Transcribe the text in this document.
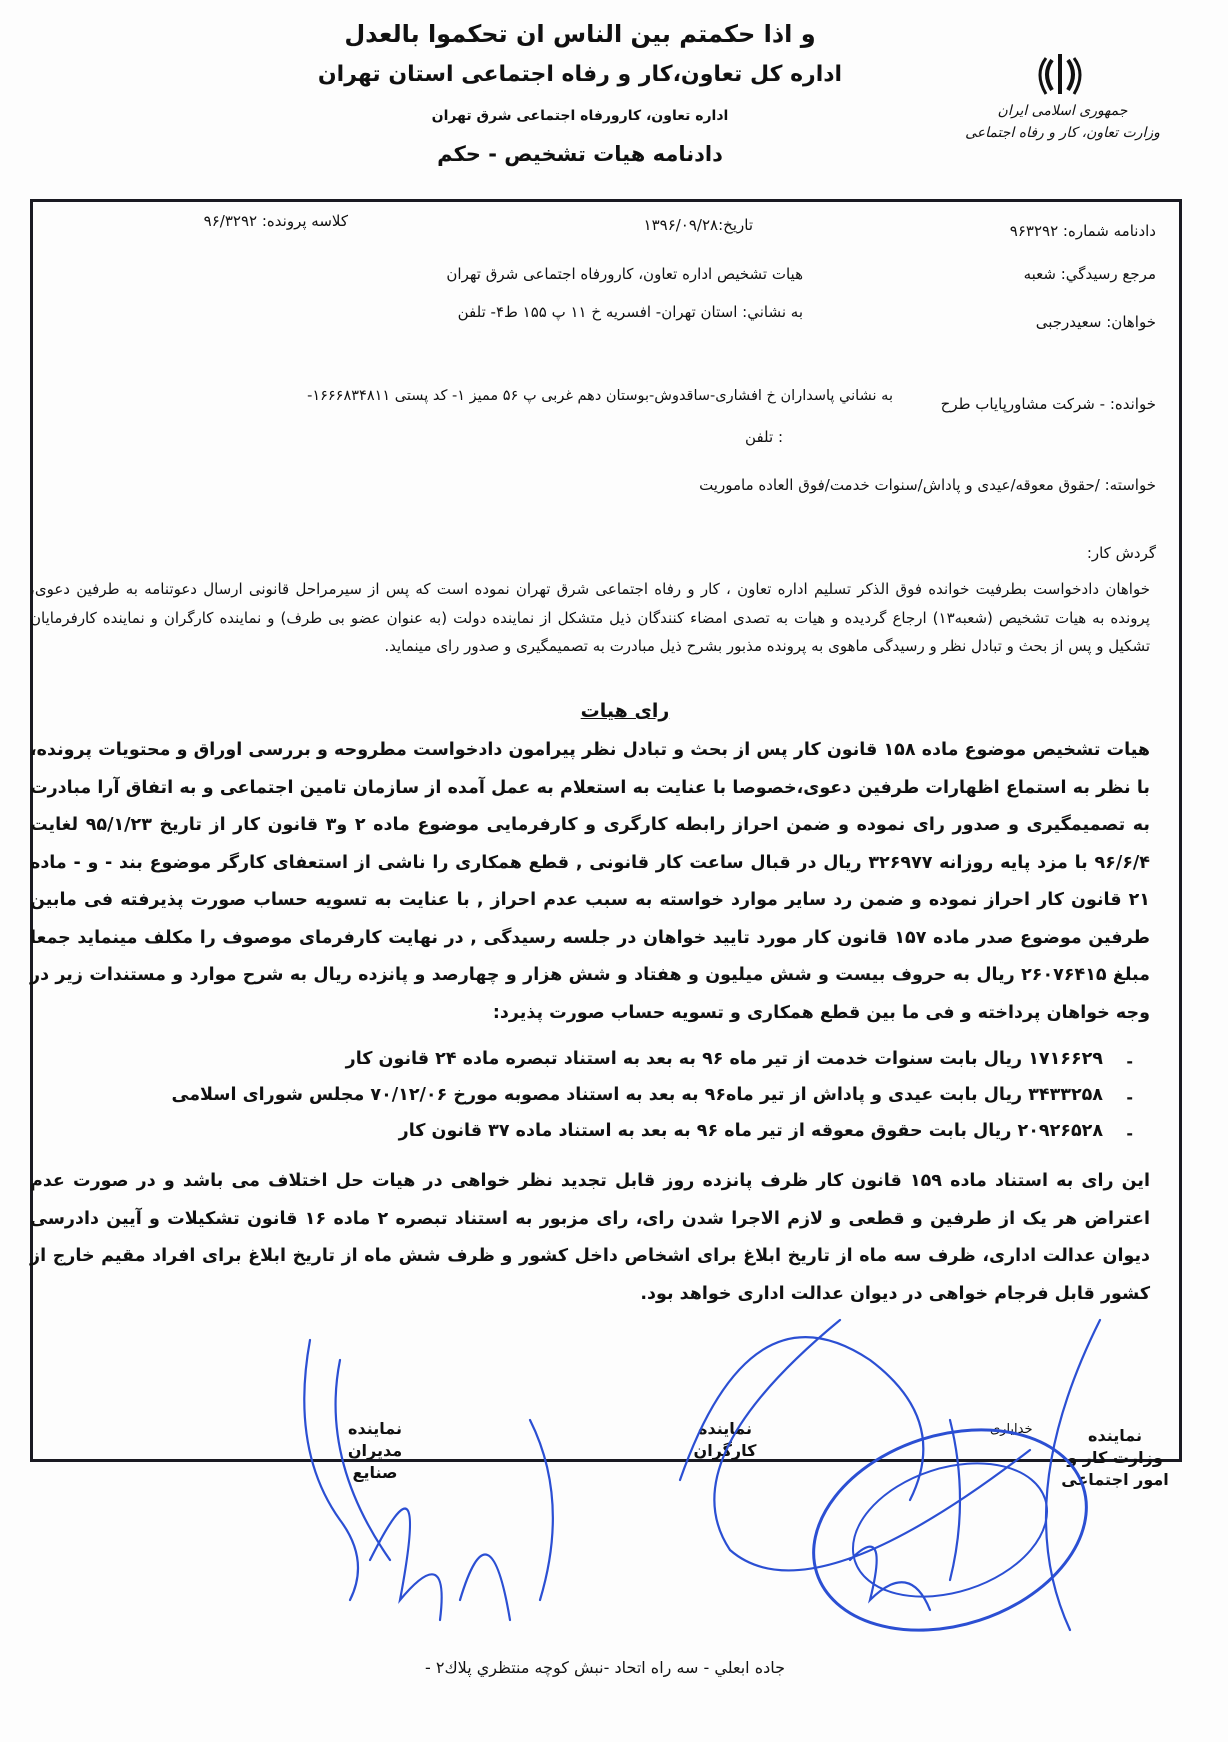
و اذا حکمتم بین الناس ان تحکموا بالعدل
اداره کل تعاون،کار و رفاه اجتماعی استان تهران
اداره تعاون، کارورفاه اجتماعی شرق تهران
دادنامه هیات تشخیص - حکم
جمهوری اسلامی ایران
وزارت تعاون، کار و رفاه اجتماعی
دادنامه شماره: ۹۶۳۲۹۲
تاریخ:۱۳۹۶/۰۹/۲۸
کلاسه پرونده: ۹۶/۳۲۹۲
مرجع رسیدگي: شعبه
هیات تشخیص اداره تعاون، کارورفاه اجتماعی شرق تهران
خواهان: سعیدرجبی
به نشاني: استان تهران- افسریه خ ۱۱ پ ۱۵۵ ط۴- تلفن
خوانده: - شرکت مشاورپایاب طرح
به نشاني پاسداران خ افشاری-ساقدوش-بوستان دهم غربی پ ۵۶ ممیز ۱- کد پستی ۱۶۶۶۸۳۴۸۱۱-
: تلفن
خواسته: /حقوق معوقه/عیدی و پاداش/سنوات خدمت/فوق العاده ماموریت
گردش کار:
خواهان دادخواست بطرفیت خوانده فوق الذکر تسلیم اداره تعاون ، کار و رفاه اجتماعی شرق تهران نموده است که پس از سیرمراحل قانونی ارسال دعوتنامه به طرفین دعوی، پرونده به هیات تشخیص (شعبه۱۳) ارجاع گردیده و هیات به تصدی امضاء کنندگان ذیل متشکل از نماینده دولت (به عنوان عضو بی طرف) و نماینده کارگران و نماینده کارفرمایان تشکیل و پس از بحث و تبادل نظر و رسیدگی ماهوی به پرونده مذبور بشرح ذیل مبادرت به تصمیمگیری و صدور رای مینماید.
رای هیات
هیات تشخیص موضوع ماده ۱۵۸ قانون کار پس از بحث و تبادل نظر پیرامون دادخواست مطروحه و بررسی اوراق و محتویات پرونده، با نظر به استماع اظهارات طرفین دعوی،خصوصا با عنایت به استعلام به عمل آمده از سازمان تامین اجتماعی و به اتفاق آرا مبادرت به تصمیمگیری و صدور رای نموده و ضمن احراز رابطه کارگری و کارفرمایی موضوع ماده ۲ و۳ قانون کار از تاریخ ۹۵/۱/۲۳ لغایت ۹۶/۶/۴ با مزد پایه روزانه ۳۲۶۹۷۷ ریال در قبال ساعت کار قانونی , قطع همکاری را ناشی از استعفای کارگر موضوع بند - و - ماده ۲۱ قانون کار احراز نموده و ضمن رد سایر موارد خواسته به سبب عدم احراز , با عنایت به تسویه حساب صورت پذیرفته فی مابین طرفین موضوع صدر ماده ۱۵۷ قانون کار مورد تایید خواهان در جلسه رسیدگی , در نهایت کارفرمای موصوف را مکلف مینماید جمعا مبلغ ۲۶۰۷۶۴۱۵ ریال به حروف بیست و شش میلیون و هفتاد و شش هزار و چهارصد و پانزده ریال به شرح موارد و مستندات زیر در وجه خواهان پرداخته و فی ما بین قطع همکاری و تسویه حساب صورت پذیرد:
-
۱۷۱۶۶۲۹ ریال بابت سنوات خدمت از تیر ماه ۹۶ به بعد به استناد تبصره ماده ۲۴ قانون کار
-
۳۴۳۳۲۵۸ ریال بابت عیدی و پاداش از تیر ماه۹۶ به بعد به استناد مصوبه مورخ ۷۰/۱۲/۰۶ مجلس شورای اسلامی
-
۲۰۹۲۶۵۲۸ ریال بابت حقوق معوقه از تیر ماه ۹۶ به بعد به استناد ماده ۳۷ قانون کار
این رای به استناد ماده ۱۵۹ قانون کار ظرف پانزده روز قابل تجدید نظر خواهی در هیات حل اختلاف می باشد و در صورت عدم اعتراض هر یک از طرفین و قطعی و لازم الاجرا شدن رای، رای مزبور به استناد تبصره ۲ ماده ۱۶ قانون تشکیلات و آیین دادرسی دیوان عدالت اداری، ظرف سه ماه از تاریخ ابلاغ برای اشخاص داخل کشور و ظرف شش ماه از تاریخ ابلاغ برای افراد مقیم خارج از کشور قابل فرجام خواهی در دیوان عدالت اداری خواهد بود.
نماینده
مدیران
صنایع
نماینده
کارگران
نماینده
وزارت کار و
امور اجتماعی
خدایاری
جاده ابعلي - سه راه اتحاد -نبش کوچه منتظري پلاك۲ -
